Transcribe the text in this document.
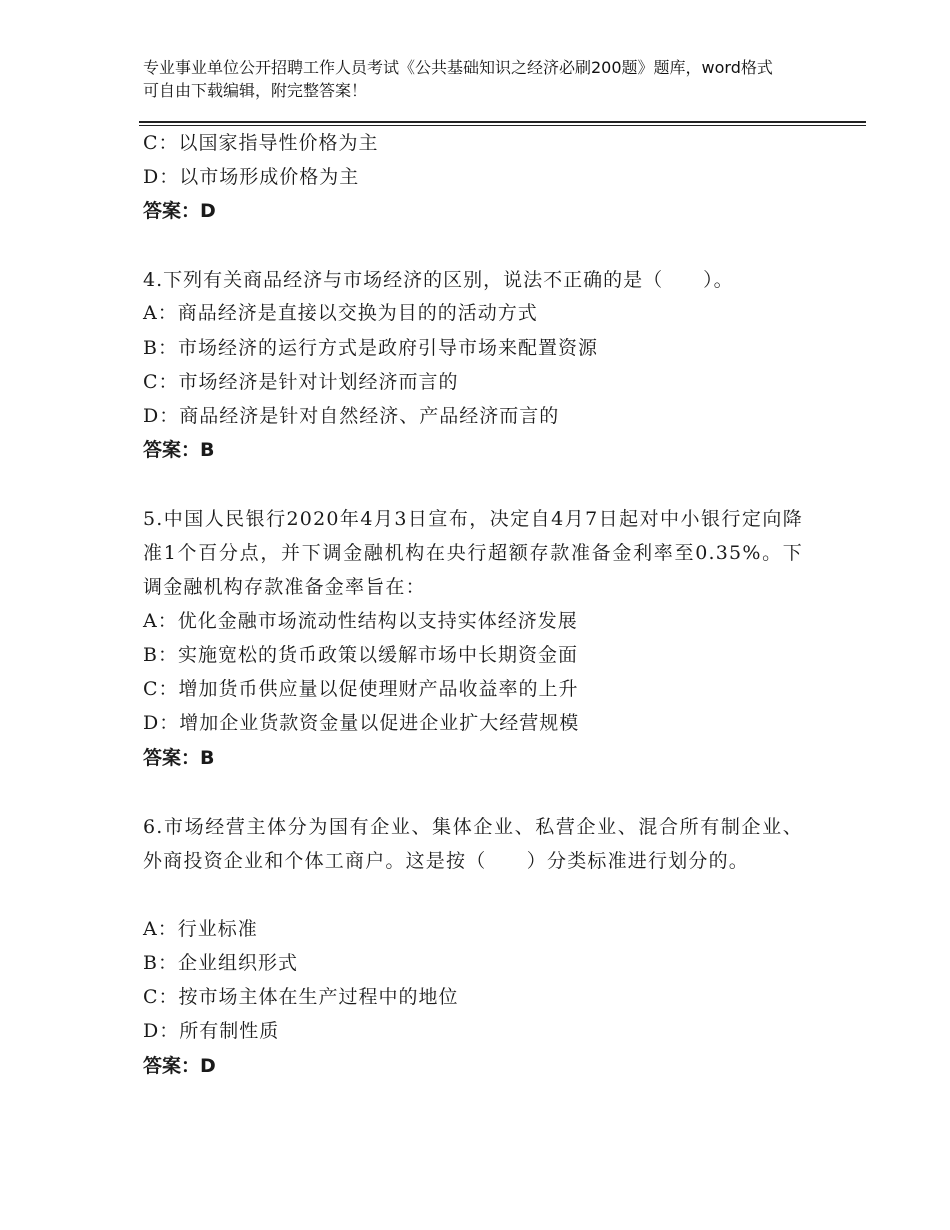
专业事业单位公开招聘工作人员考试《公共基础知识之经济必刷200题》题库，word格式可自由下载编辑，附完整答案！
C：以国家指导性价格为主
D：以市场形成价格为主
答案：D
4.下列有关商品经济与市场经济的区别，说法不正确的是（　　）。
A：商品经济是直接以交换为目的的活动方式
B：市场经济的运行方式是政府引导市场来配置资源
C：市场经济是针对计划经济而言的
D：商品经济是针对自然经济、产品经济而言的
答案：B
5.中国人民银行2020年4月3日宣布，决定自4月7日起对中小银行定向降准1个百分点，并下调金融机构在央行超额存款准备金利率至0.35%。下调金融机构存款准备金率旨在：
A：优化金融市场流动性结构以支持实体经济发展
B：实施宽松的货币政策以缓解市场中长期资金面
C：增加货币供应量以促使理财产品收益率的上升
D：增加企业货款资金量以促进企业扩大经营规模
答案：B
6.市场经营主体分为国有企业、集体企业、私营企业、混合所有制企业、外商投资企业和个体工商户。这是按（　　）分类标准进行划分的。
A：行业标准
B：企业组织形式
C：按市场主体在生产过程中的地位
D：所有制性质
答案：D
